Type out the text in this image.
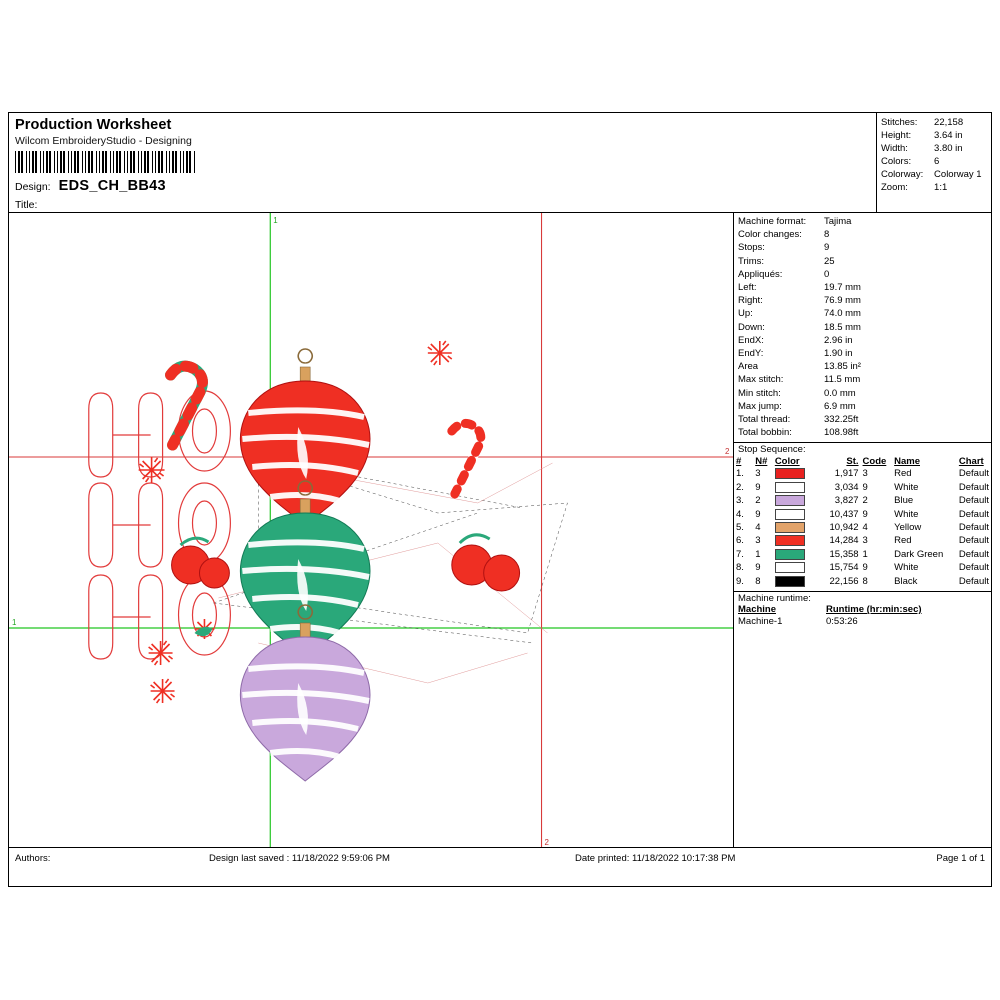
Production Worksheet
Wilcom EmbroideryStudio - Designing
Design: EDS_CH_BB43
Title:
Stitches:	22,158
Height:	3.64 in
Width:	3.80 in
Colors:	6
Colorway:	Colorway 1
Zoom:	1:1
1
1
2
2
Machine format:	Tajima
Color changes:	8
Stops:	9
Trims:	25
Appliqués:	0
Left:	19.7 mm
Right:	76.9 mm
Up:	74.0 mm
Down:	18.5 mm
EndX:	2.96 in
EndY:	1.90 in
Area	13.85 in²
Max stitch:	11.5 mm
Min stitch:	0.0 mm
Max jump:	6.9 mm
Total thread:	332.25ft
Total bobbin:	108.98ft
Stop Sequence:
#	N#	Color	St.	Code	Name	Chart
1.	3		1,917	3	Red	Default
2.	9		3,034	9	White	Default
3.	2		3,827	2	Blue	Default
4.	9		10,437	9	White	Default
5.	4		10,942	4	Yellow	Default
6.	3		14,284	3	Red	Default
7.	1		15,358	1	Dark Green	Default
8.	9		15,754	9	White	Default
9.	8		22,156	8	Black	Default
Machine runtime:
Machine	Runtime (hr:min:sec)
Machine-1	0:53:26
Authors:	Design last saved : 11/18/2022 9:59:06 PM	Date printed: 11/18/2022 10:17:38 PM	Page 1 of 1
